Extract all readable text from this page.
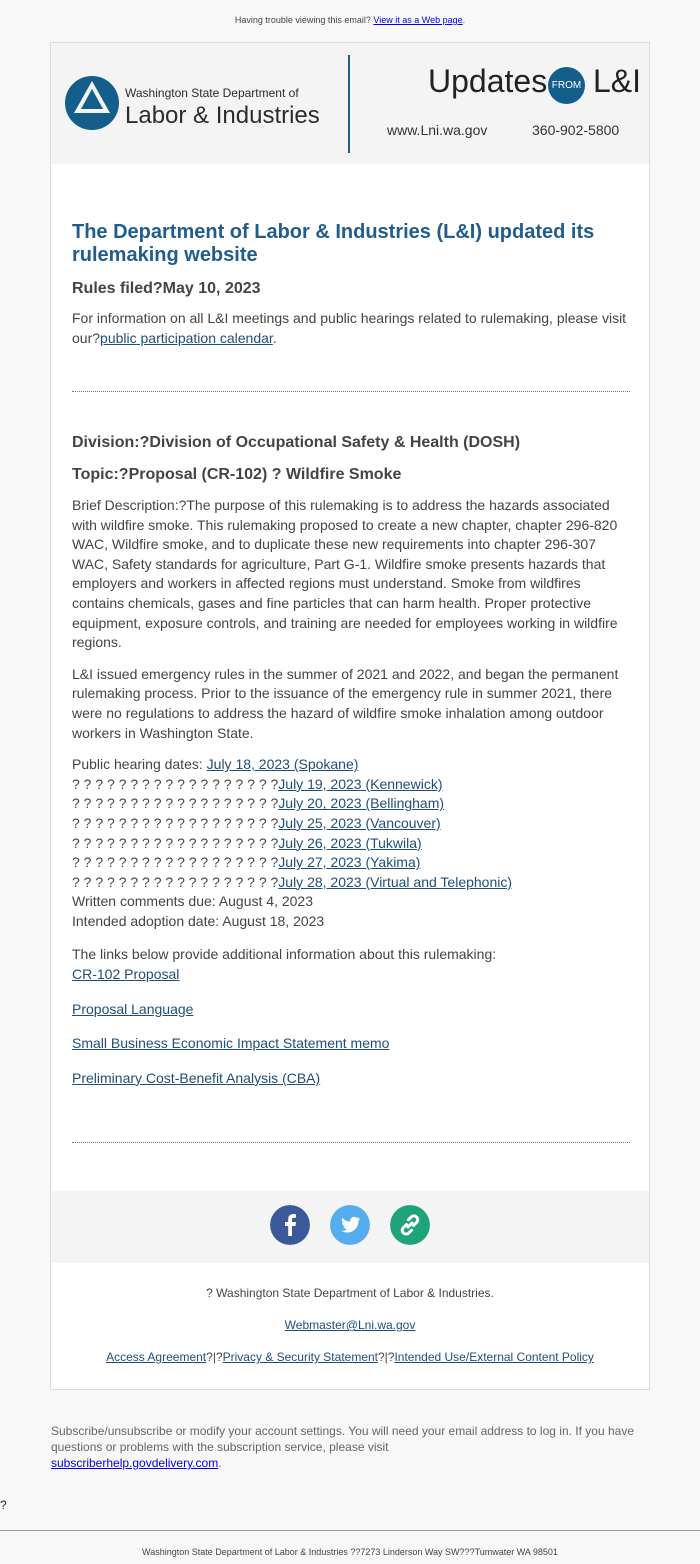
Having trouble viewing this email? View it as a Web page.
Washington State Department of
Labor & Industries
Updates FROM L&I
www.Lni.wa.gov	360-902-5800
The Department of Labor & Industries (L&I) updated its rulemaking website
Rules filed?May 10, 2023

For information on all L&I meetings and public hearings related to rulemaking, please visit our?public participation calendar.

Division:?Division of Occupational Safety & Health (DOSH)
Topic:?Proposal (CR-102) ? Wildfire Smoke

Brief Description:?The purpose of this rulemaking is to address the hazards associated with wildfire smoke. This rulemaking proposed to create a new chapter, chapter 296-820 WAC, Wildfire smoke, and to duplicate these new requirements into chapter 296-307 WAC, Safety standards for agriculture, Part G-1. Wildfire smoke presents hazards that employers and workers in affected regions must understand. Smoke from wildfires contains chemicals, gases and fine particles that can harm health. Proper protective equipment, exposure controls, and training are needed for employees working in wildfire regions.

L&I issued emergency rules in the summer of 2021 and 2022, and began the permanent rulemaking process. Prior to the issuance of the emergency rule in summer 2021, there were no regulations to address the hazard of wildfire smoke inhalation among outdoor workers in Washington State.

Public hearing dates: July 18, 2023 (Spokane)
? ? ? ? ? ? ? ? ? ? ? ? ? ? ? ? ? ?July 19, 2023 (Kennewick)
? ? ? ? ? ? ? ? ? ? ? ? ? ? ? ? ? ?July 20, 2023 (Bellingham)
? ? ? ? ? ? ? ? ? ? ? ? ? ? ? ? ? ?July 25, 2023 (Vancouver)
? ? ? ? ? ? ? ? ? ? ? ? ? ? ? ? ? ?July 26, 2023 (Tukwila)
? ? ? ? ? ? ? ? ? ? ? ? ? ? ? ? ? ?July 27, 2023 (Yakima)
? ? ? ? ? ? ? ? ? ? ? ? ? ? ? ? ? ?July 28, 2023 (Virtual and Telephonic)
Written comments due: August 4, 2023
Intended adoption date: August 18, 2023
The links below provide additional information about this rulemaking:
CR-102 Proposal
Proposal Language
Small Business Economic Impact Statement memo
Preliminary Cost-Benefit Analysis (CBA)
? Washington State Department of Labor & Industries.
Webmaster@Lni.wa.gov
Access Agreement?|?Privacy & Security Statement?|?Intended Use/External Content Policy
Subscribe/unsubscribe or modify your account settings. You will need your email address to log in. If you have questions or problems with the subscription service, please visit
subscriberhelp.govdelivery.com.
?
Washington State Department of Labor & Industries ??7273 Linderson Way SW???Tumwater WA 98501
